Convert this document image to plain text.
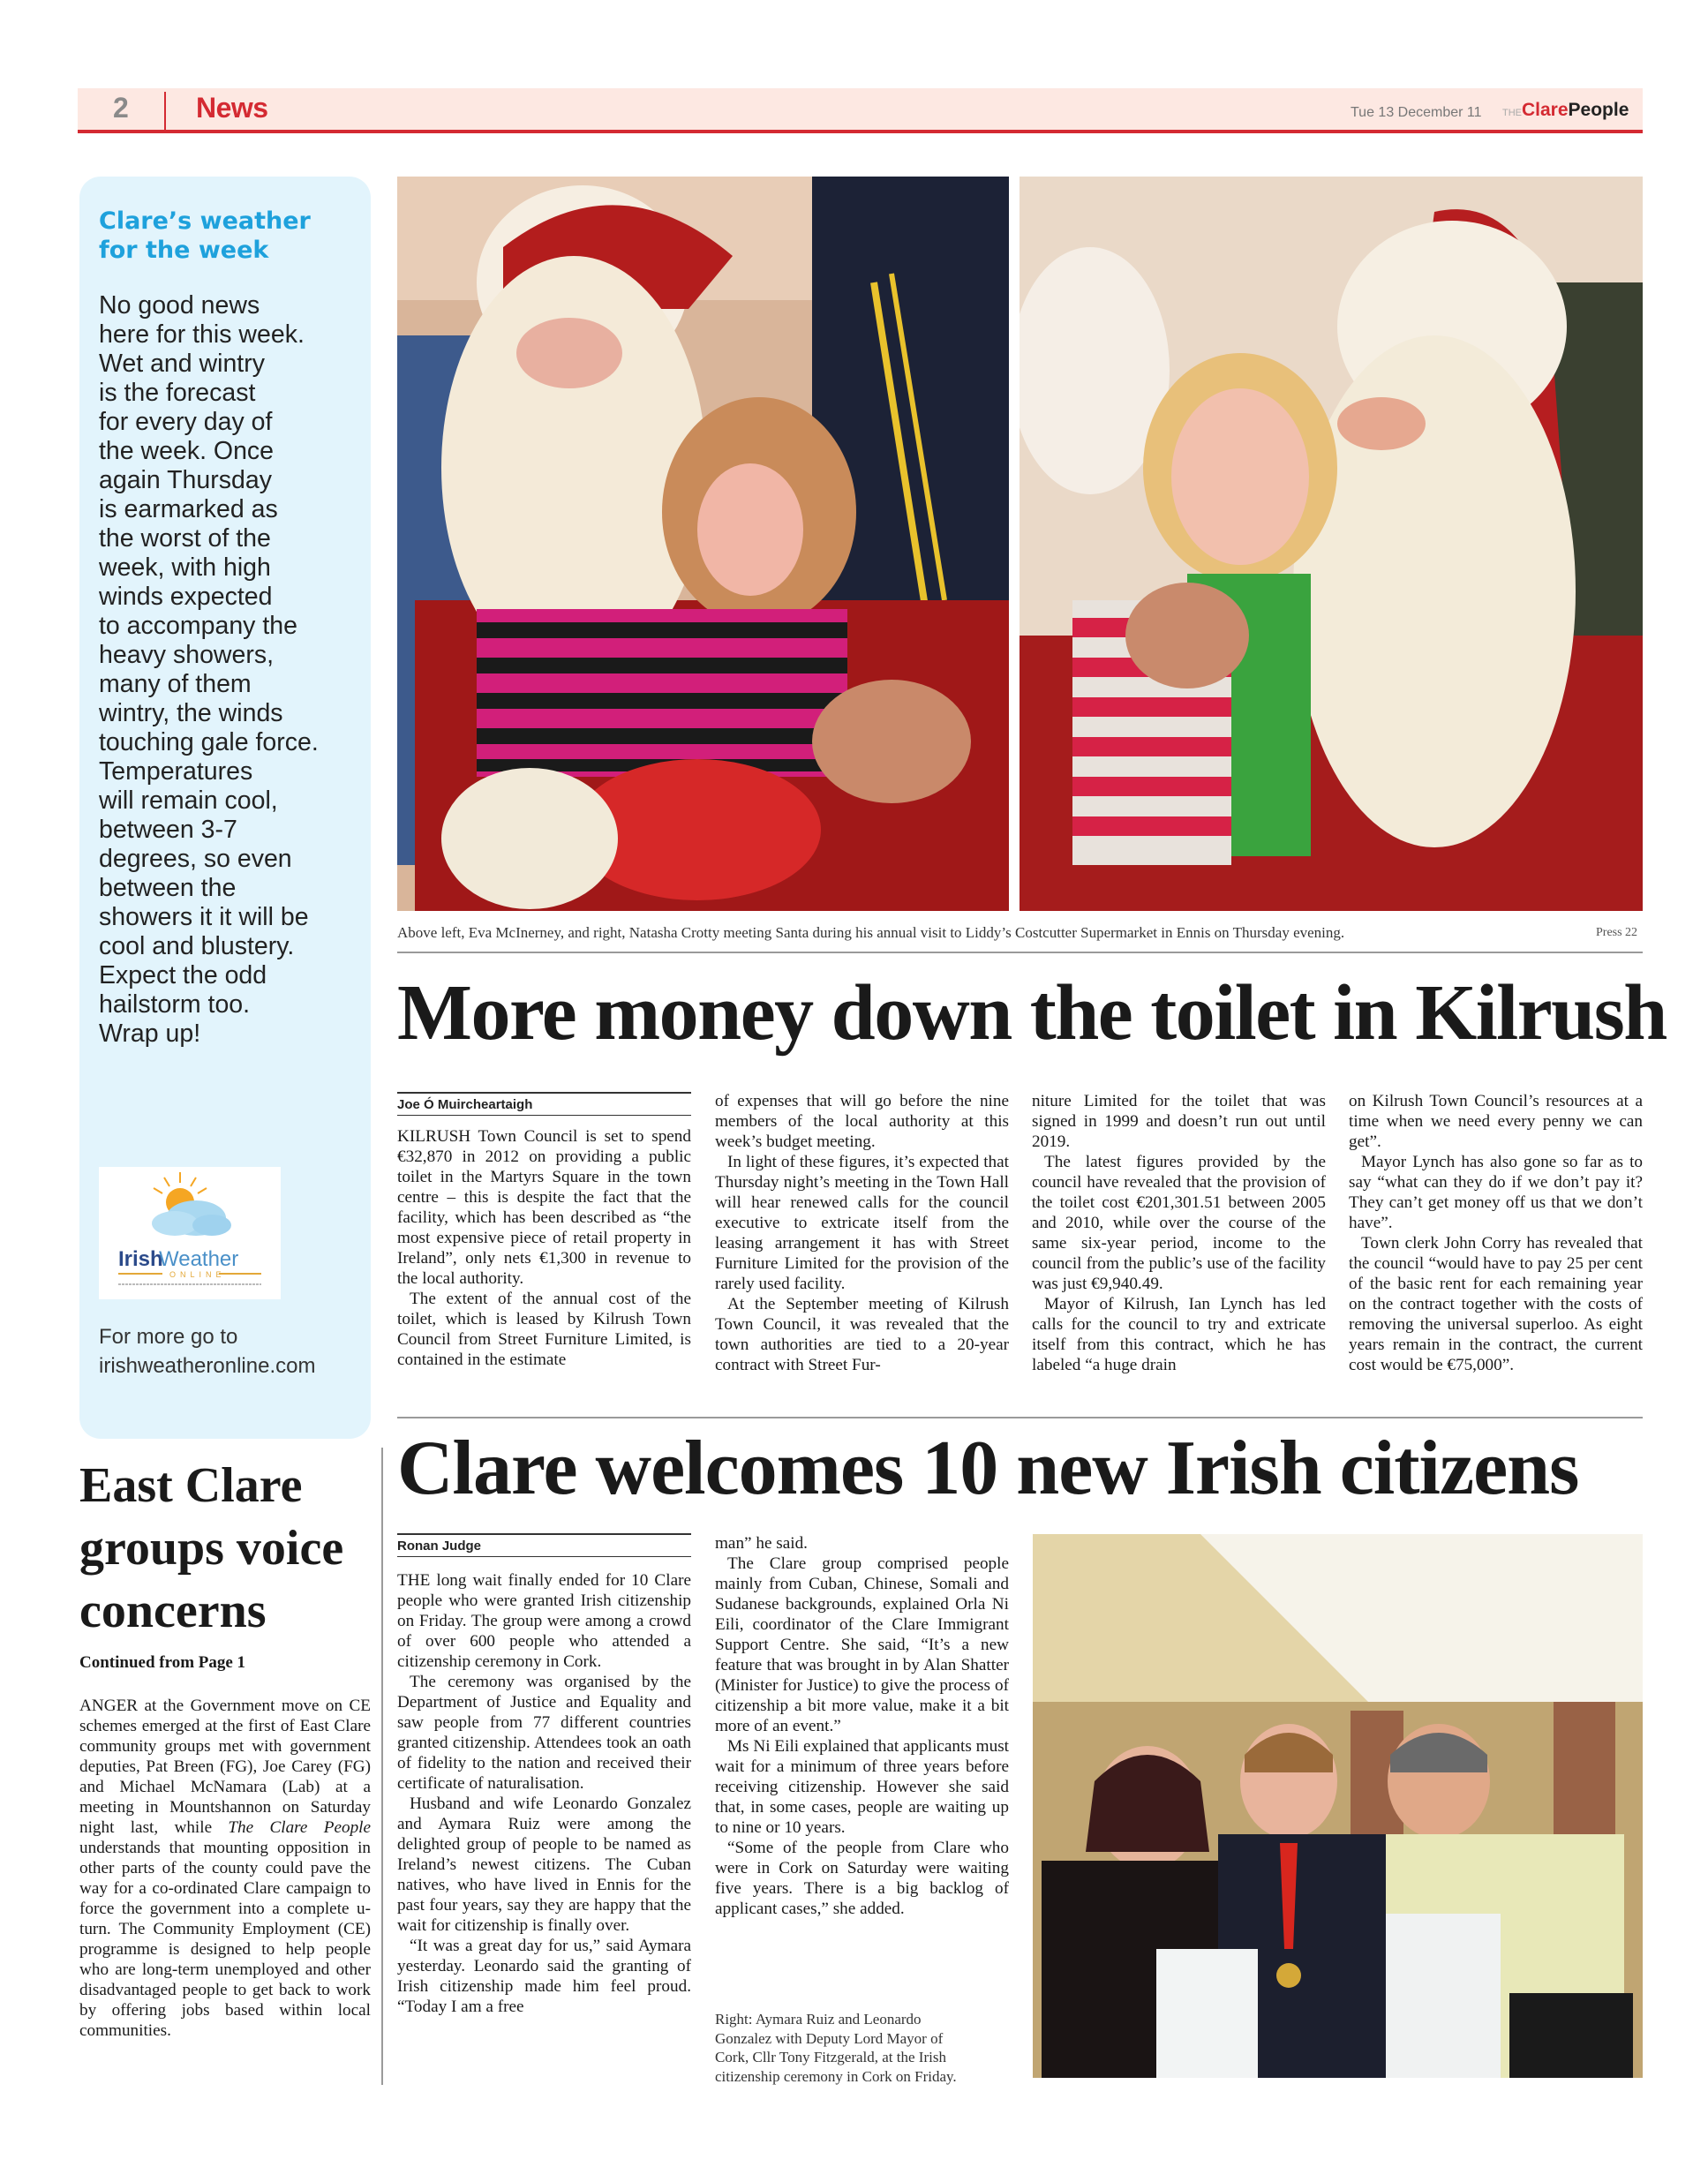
2 News	Tue 13 December 11 THEClarePeople
Clare’s weather for the week
No good news
here for this week.
Wet and wintry
is the forecast
for every day of
the week. Once
again Thursday
is earmarked as
the worst of the
week, with high
winds expected
to accompany the
heavy showers,
many of them
wintry, the winds
touching gale force.
Temperatures
will remain cool,
between 3-7
degrees, so even
between the
showers it it will be
cool and blustery.
Expect the odd
hailstorm too.
Wrap up!
Irish
Weather
ONLINE
For more go to
irishweatheronline.com
Above left, Eva McInerney, and right, Natasha Crotty meeting Santa during his annual visit to Liddy’s Costcutter Supermarket in Ennis on Thursday evening.	Press 22
More money down the toilet in Kilrush
Joe Ó Muircheartaigh

KILRUSH Town Council is set to spend €32,870 in 2012 on providing a public toilet in the Martyrs Square in the town centre – this is despite the fact that the facility, which has been described as “the most expensive piece of retail property in Ireland”, only nets €1,300 in revenue to the local authority.

The extent of the annual cost of the toilet, which is leased by Kilrush Town Council from Street Furniture Limited, is contained in the estimate

of expenses that will go before the nine members of the local authority at this week’s budget meeting.

In light of these figures, it’s expected that Thursday night’s meeting in the Town Hall will hear renewed calls for the council executive to extricate itself from the leasing arrangement it has with Street Furniture Limited for the provision of the rarely used facility.

At the September meeting of Kilrush Town Council, it was revealed that the town authorities are tied to a 20-year contract with Street Fur-

niture Limited for the toilet that was signed in 1999 and doesn’t run out until 2019.

The latest figures provided by the council have revealed that the provision of the toilet cost €201,301.51 between 2005 and 2010, while over the course of the same six-year period, income to the council from the public’s use of the facility was just €9,940.49.

Mayor of Kilrush, Ian Lynch has led calls for the council to try and extricate itself from this contract, which he has labeled “a huge drain

on Kilrush Town Council’s resources at a time when we need every penny we can get”.

Mayor Lynch has also gone so far as to say “what can they do if we don’t pay it? They can’t get money off us that we don’t have”.

Town clerk John Corry has revealed that the council “would have to pay 25 per cent of the basic rent for each remaining year on the contract together with the costs of removing the universal superloo. As eight years remain in the contract, the current cost would be €75,000”.

East Clare
groups voice
concerns
Continued from Page 1

ANGER at the Government move on CE schemes emerged at the first of East Clare community groups met with government deputies, Pat Breen (FG), Joe Carey (FG) and Michael McNamara (Lab) at a meeting in Mountshannon on Saturday night last, while The Clare People understands that mounting opposition in other parts of the county could pave the way for a co-ordinated Clare campaign to force the government into a complete u-turn. The Community Employment (CE) programme is designed to help people who are long-term unemployed and other disadvantaged people to get back to work by offering jobs based within local communities.

Clare welcomes 10 new Irish citizens
Ronan Judge

THE long wait finally ended for 10 Clare people who were granted Irish citizenship on Friday. The group were among a crowd of over 600 people who attended a citizenship ceremony in Cork.

The ceremony was organised by the Department of Justice and Equality and saw people from 77 different countries granted citizenship. Attendees took an oath of fidelity to the nation and received their certificate of naturalisation.

Husband and wife Leonardo Gonzalez and Aymara Ruiz were among the delighted group of people to be named as Ireland’s newest citizens. The Cuban natives, who have lived in Ennis for the past four years, say they are happy that the wait for citizenship is finally over.

“It was a great day for us,” said Aymara yesterday. Leonardo said the granting of Irish citizenship made him feel proud. “Today I am a free

man” he said.

The Clare group comprised people mainly from Cuban, Chinese, Somali and Sudanese backgrounds, explained Orla Ni Eili, coordinator of the Clare Immigrant Support Centre. She said, “It’s a new feature that was brought in by Alan Shatter (Minister for Justice) to give the process of citizenship a bit more value, make it a bit more of an event.”

Ms Ni Eili explained that applicants must wait for a minimum of three years before receiving citizenship. However she said that, in some cases, people are waiting up to nine or 10 years.

“Some of the people from Clare who were in Cork on Saturday were waiting five years. There is a big backlog of applicant cases,” she added.

Right: Aymara Ruiz and Leonardo
Gonzalez with Deputy Lord Mayor of
Cork, Cllr Tony Fitzgerald, at the Irish
citizenship ceremony in Cork on Friday.
